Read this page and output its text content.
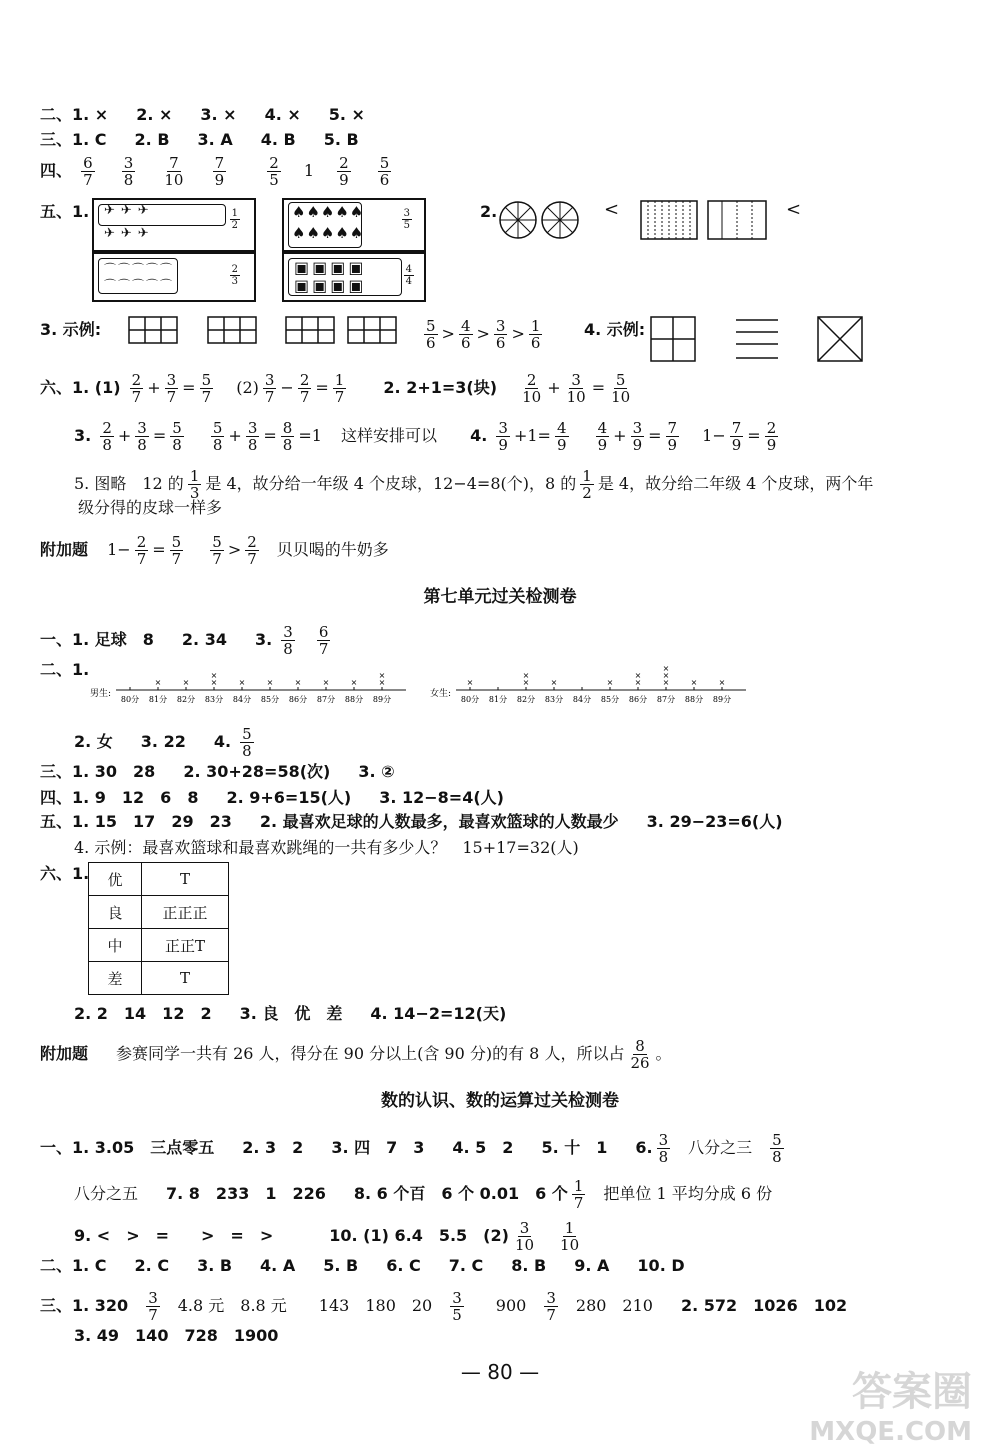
二、1. × 2. × 3. × 4. × 5. ×
三、1. C 2. B 3. A 4. B 5. B
四、 $\frac{6}{7}$
$\frac{3}{8}$
$\frac{7}{10}$
$\frac{7}{9}$
	$\frac{2}{5} 1 \frac{2}{9}$
$\frac{5}{6}$
五、1. ✈✈✈
✈✈✈
1
2
⌒⌒⌒⌒⌒
⌒⌒⌒⌒⌒
2
3
♠♠♠♠♠
♠♠♠♠♠
3
5
▣▣▣▣
▣▣▣▣
4
4
2.	<	<
3. 示例:	$\frac{5}{6} > \frac{4}{6} > \frac{3}{6} > \frac{1}{6}$	4. 示例:
六、1. $(1) \frac{2}{7} + \frac{3}{7} = \frac{5}{7} (2) \frac{3}{7} - \frac{2}{7} = \frac{1}{7} 2$. 2+1=3(块) $\frac{2}{10} + \frac{3}{10} = \frac{5}{10}$
3. $\frac{2}{8} + \frac{3}{8} = \frac{5}{8}$
$\frac{5}{8} + \frac{3}{8} = \frac{8}{8} =1$ 这样安排可以 4. $\frac{3}{9} +1= \frac{4}{9}$
$\frac{4}{9} + \frac{3}{9} = \frac{7}{9} 1- \frac{7}{9} = \frac{2}{9}$
5. 图略　12 的 $\frac{1}{3}$ 是 4，故分给一年级 4 个皮球，12−4=8(个)，8 的 $\frac{1}{2}$ 是 4，故分给二年级 4 个皮球，两个年
级分得的皮球一样多
附加题 $1- \frac{2}{7} = \frac{5}{7}$
$\frac{5}{7} > \frac{2}{7}$ 贝贝喝的牛奶多
第七单元过关检测卷
一、1. 足球　8 2. 34 3. $\frac{3}{8} \frac{6}{7}$
二、1.
男生:
80分 81分
×
82分
×
83分
×
×
84分
×
85分
×
86分
×
87分
×
88分
×
89分
×
×
女生:
80分
×
81分 82分
×
×
83分
×
84分 85分
×
86分
×
×
87分
×
×
×
88分
×
89分
×
2. 女 3. 22 4. $\frac{5}{8}$
三、1. 30　28 2. 30+28=58(次) 3. ②
四、1. 9　12　6　8 2. 9+6=15(人) 3. 12−8=4(人)
五、1. 15　17　29　23 2. 最喜欢足球的人数最多，最喜欢篮球的人数最少 3. 29−23=6(人)
4. 示例：最喜欢篮球和最喜欢跳绳的一共有多少人？　15+17=32(人)
六、1. 优	T
良	正正正
中	正正T
差	T
2. 2　14　12　2 3. 良　优　差 4. 14−2=12(天)
附加题 参赛同学一共有 26 人，得分在 90 分以上(含 90 分)的有 8 人，所以占 $\frac{8}{26}$ 。
数的认识、数的运算过关检测卷
一、1. 3.05　三点零五 2. 3　2 3. 四　7　3 4. 5　2 5. 十　1 6. $\frac{3}{8}$ 八分之三 $\frac{5}{8}$
八分之五 7. 8　233　1　226 8. 6 个百　6 个 0.01　6 个 $\frac{1}{7}$ 把单位 1 平均分成 6 份
9. <　>　=　　>　=　>	10. (1) 6.4　5.5　$(2) \frac{3}{10} \frac{1}{10}$
二、1. C 2. C 3. B 4. A 5. B 6. C 7. C 8. B 9. A 10. D
三、1. $320 \frac{3}{7} 4.8$ 元　8.8 元　　143　180　$20 \frac{3}{5} 900 \frac{3}{7} 280$　210 2. 572　1026　102
3. 49　140　728　1900
— 80 —	答案圈
MXQE.COM
